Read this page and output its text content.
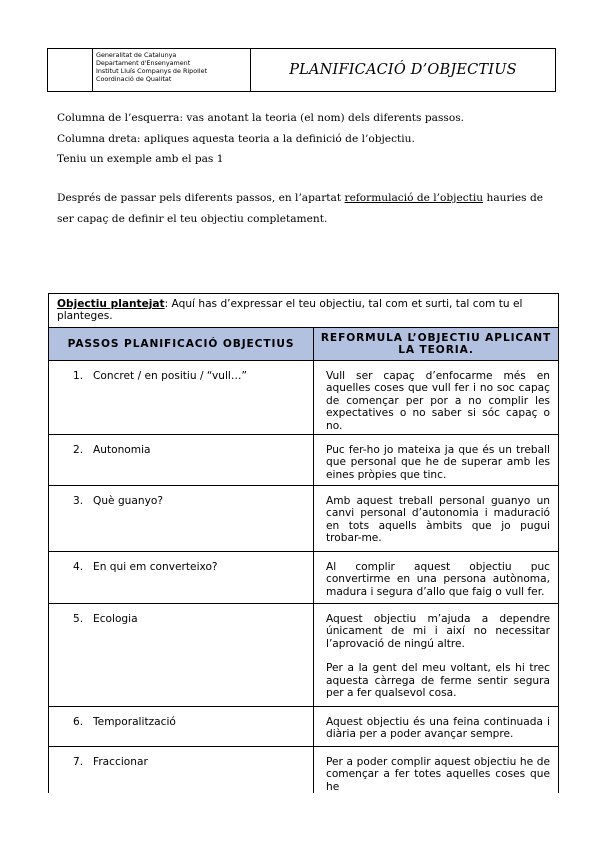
Generalitat de Catalunya
Departament d'Ensenyament
Institut Lluís Companys de Ripollet
Coordinació de Qualitat
	PLANIFICACIÓ D’OBJECTIUS

Columna de l’esquerra: vas anotant la teoria (el nom) dels diferents passos.

Columna dreta: apliques aquesta teoria a la definició de l’objectiu.

Teniu un exemple amb el pas 1

Després de passar pels diferents passos, en l’apartat reformulació de l’objectiu hauries de ser capaç de definir el teu objectiu completament.

Objectiu plantejat: Aquí has d’expressar el teu objectiu, tal com et surti, tal com tu el planteges.
PASSOS PLANIFICACIÓ OBJECTIUS	REFORMULA L’OBJECTIU APLICANT LA TEORIA.
1. Concret / en positiu / “vull…”	Vull ser capaç d’enfocarme més en aquelles coses que vull fer i no soc capaç de començar per por a no complir les expectatives o no saber si sóc capaç o no.

2. Autonomia	Puc fer-ho jo mateixa ja que és un treball que personal que he de superar amb les eines pròpies que tinc.

3. Què guanyo?	Amb aquest treball personal guanyo un canvi personal d’autonomia i maduració en tots aquells àmbits que jo pugui trobar-me.

4. En qui em converteixo?	Al complir aquest objectiu puc convertirme en una persona autònoma, madura i segura d’allo que faig o vull fer.

5. Ecologia	Aquest objectiu m’ajuda a dependre únicament de mi i així no necessitar l’aprovació de ningú altre.

Per a la gent del meu voltant, els hi trec aquesta càrrega de ferme sentir segura per a fer qualsevol cosa.

6. Temporalització	Aquest objectiu és una feina continuada i diària per a poder avançar sempre.

7. Fraccionar	Per a poder complir aquest objectiu he de començar a fer totes aquelles coses que he
